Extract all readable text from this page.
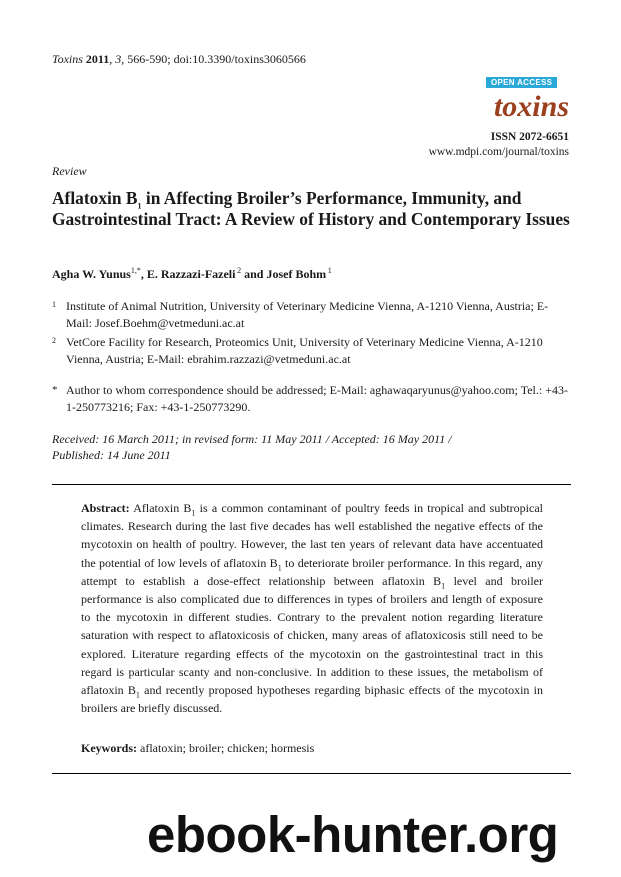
Toxins 2011, 3, 566-590; doi:10.3390/toxins3060566
OPEN ACCESS
toxins
ISSN 2072-6651
www.mdpi.com/journal/toxins
Review
Aflatoxin $B_1$ in Affecting Broiler’s Performance, Immunity, and Gastrointestinal Tract: A Review of History and Contemporary Issues
Agha W. Yunus$^{1,*}$, E. Razzazi-Fazeli  $^2$ and Josef Bohm  $^1$
1 Institute of Animal Nutrition, University of Veterinary Medicine Vienna, A-1210 Vienna, Austria; E-Mail: Josef.Boehm@vetmeduni.ac.at
2 VetCore Facility for Research, Proteomics Unit, University of Veterinary Medicine Vienna, A-1210 Vienna, Austria; E-Mail: ebrahim.razzazi@vetmeduni.ac.at
* Author to whom correspondence should be addressed; E-Mail: aghawaqaryunus@yahoo.com; Tel.: +43-1-250773216; Fax: +43-1-250773290.
Received: 16 March 2011; in revised form: 11 May 2011 / Accepted: 16 May 2011 /
Published: 14 June 2011
Abstract: Aflatoxin $B_1$ is a common contaminant of poultry feeds in tropical and subtropical climates. Research during the last five decades has well established the negative effects of the mycotoxin on health of poultry. However, the last ten years of relevant data have accentuated the potential of low levels of aflatoxin $B_1$ to deteriorate broiler performance. In this regard, any attempt to establish a dose-effect relationship between aflatoxin $B_1$ level and broiler performance is also complicated due to differences in types of broilers and length of exposure to the mycotoxin in different studies. Contrary to the prevalent notion regarding literature saturation with respect to aflatoxicosis of chicken, many areas of aflatoxicosis still need to be explored. Literature regarding effects of the mycotoxin on the gastrointestinal tract in this regard is particular scanty and non-conclusive. In addition to these issues, the metabolism of aflatoxin $B_1$ and recently proposed hypotheses regarding biphasic effects of the mycotoxin in broilers are briefly discussed.
Keywords: aflatoxin; broiler; chicken; hormesis
ebook-hunter.org
